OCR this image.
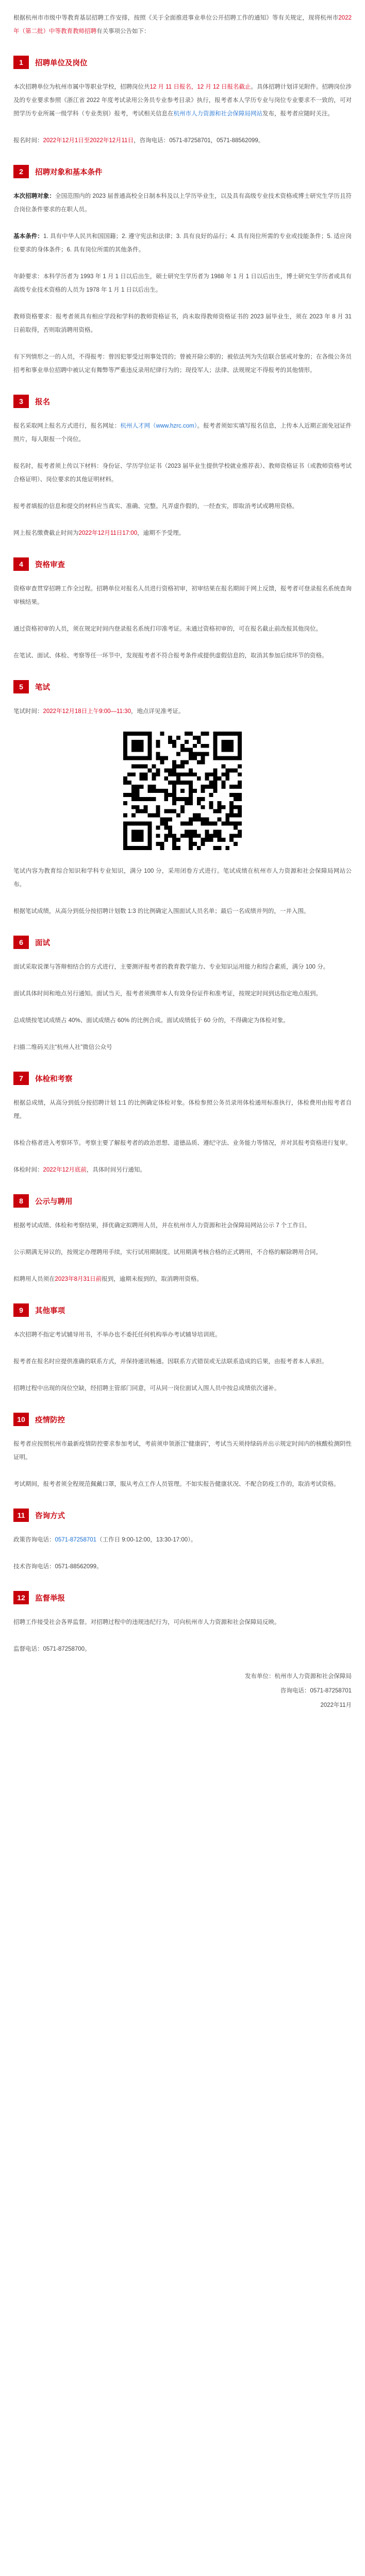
根据杭州市市级中等教育基层招聘工作安排，按照《关于全面推进事业单位公开招聘工作的通知》等有关规定，现将杭州市2022 年（第二批）中等教育教师招聘有关事项公告如下：

1	招聘单位及岗位

本次招聘单位为杭州市属中等职业学校，招聘岗位共12 月 11 日报名，12 月 12 日报名截止。具体招聘计划详见附件。招聘岗位涉及的专业要求参照《浙江省 2022 年度考试录用公务员专业参考目录》执行，报考者本人学历专业与岗位专业要求不一致的，可对照学历专业所属一级学科（专业类别）报考，考试相关信息在杭州市人力资源和社会保障局网站发布，报考者应随时关注。

报名时间：2022年12月1日至2022年12月11日，咨询电话：0571-87258701，0571-88562099。

2	招聘对象和基本条件

本次招聘对象：全国范围内的 2023 届普通高校全日制本科及以上学历毕业生，以及具有高级专业技术资格或博士研究生学历且符合岗位条件要求的在职人员。

基本条件：1. 具有中华人民共和国国籍；2. 遵守宪法和法律；3. 具有良好的品行；4. 具有岗位所需的专业或技能条件；5. 适应岗位要求的身体条件；6. 具有岗位所需的其他条件。

年龄要求：本科学历者为 1993 年 1 月 1 日以后出生，硕士研究生学历者为 1988 年 1 月 1 日以后出生，博士研究生学历者或具有高级专业技术资格的人员为 1978 年 1 月 1 日以后出生。

教师资格要求：报考者须具有相应学段和学科的教师资格证书，尚未取得教师资格证书的 2023 届毕业生，须在 2023 年 8 月 31 日前取得，否则取消聘用资格。

有下列情形之一的人员，不得报考：曾因犯罪受过刑事处罚的；曾被开除公职的；被依法列为失信联合惩戒对象的；在各级公务员招考和事业单位招聘中被认定有舞弊等严重违反录用纪律行为的；现役军人；法律、法规规定不得报考的其他情形。

3	报名

报名采取网上报名方式进行，报名网址：杭州人才网（www.hzrc.com）。报考者须如实填写报名信息，上传本人近期正面免冠证件照片，每人限报一个岗位。

报名时，报考者须上传以下材料：身份证、学历学位证书（2023 届毕业生提供学校就业推荐表）、教师资格证书（或教师资格考试合格证明）、岗位要求的其他证明材料。

报考者填报的信息和提交的材料应当真实、准确、完整。凡弄虚作假的，一经查实，即取消考试或聘用资格。

网上报名缴费截止时间为2022年12月11日17:00，逾期不予受理。

4	资格审查

资格审查贯穿招聘工作全过程。招聘单位对报名人员进行资格初审，初审结果在报名期间于网上反馈，报考者可登录报名系统查询审核结果。

通过资格初审的人员，须在规定时间内登录报名系统打印准考证。未通过资格初审的，可在报名截止前改报其他岗位。

在笔试、面试、体检、考察等任一环节中，发现报考者不符合报考条件或提供虚假信息的，取消其参加后续环节的资格。

5	笔试

笔试时间：2022年12月18日上午9:00—11:30，地点详见准考证。

笔试内容为教育综合知识和学科专业知识，满分 100 分，采用闭卷方式进行。笔试成绩在杭州市人力资源和社会保障局网站公布。

根据笔试成绩，从高分到低分按招聘计划数 1:3 的比例确定入围面试人员名单；最后一名成绩并列的，一并入围。

6	面试

面试采取说课与答辩相结合的方式进行，主要测评报考者的教育教学能力、专业知识运用能力和综合素质，满分 100 分。

面试具体时间和地点另行通知。面试当天，报考者须携带本人有效身份证件和准考证，按规定时间到达指定地点报到。

总成绩按笔试成绩占 40%、面试成绩占 60% 的比例合成。面试成绩低于 60 分的，不得确定为体检对象。

扫描二维码关注“杭州人社”微信公众号

7	体检和考察

根据总成绩，从高分到低分按招聘计划 1:1 的比例确定体检对象。体检参照公务员录用体检通用标准执行，体检费用由报考者自理。

体检合格者进入考察环节。考察主要了解报考者的政治思想、道德品质、遵纪守法、业务能力等情况，并对其报考资格进行复审。

体检时间：2022年12月底前，具体时间另行通知。

8	公示与聘用

根据考试成绩、体检和考察结果，择优确定拟聘用人员，并在杭州市人力资源和社会保障局网站公示 7 个工作日。

公示期满无异议的，按规定办理聘用手续，实行试用期制度。试用期满考核合格的正式聘用，不合格的解除聘用合同。

拟聘用人员须在2023年8月31日前报到，逾期未报到的，取消聘用资格。

9	其他事项

本次招聘不指定考试辅导用书，不举办也不委托任何机构举办考试辅导培训班。

报考者在报名时应提供准确的联系方式，并保持通讯畅通。因联系方式错误或无法联系造成的后果，由报考者本人承担。

招聘过程中出现的岗位空缺，经招聘主管部门同意，可从同一岗位面试入围人员中按总成绩依次递补。

10	疫情防控

报考者应按照杭州市最新疫情防控要求参加考试，考前须申领浙江“健康码”，考试当天须持绿码并出示规定时间内的核酸检测阴性证明。

考试期间，报考者须全程规范佩戴口罩，服从考点工作人员管理。不如实报告健康状况、不配合防疫工作的，取消考试资格。

11	咨询方式

政策咨询电话：0571-87258701（工作日 9:00-12:00，13:30-17:00）。

技术咨询电话：0571-88562099。

12	监督举报

招聘工作接受社会各界监督。对招聘过程中的违规违纪行为，可向杭州市人力资源和社会保障局反映。

监督电话：0571-87258700。

发布单位：杭州市人力资源和社会保障局

咨询电话：0571-87258701

2022年11月
